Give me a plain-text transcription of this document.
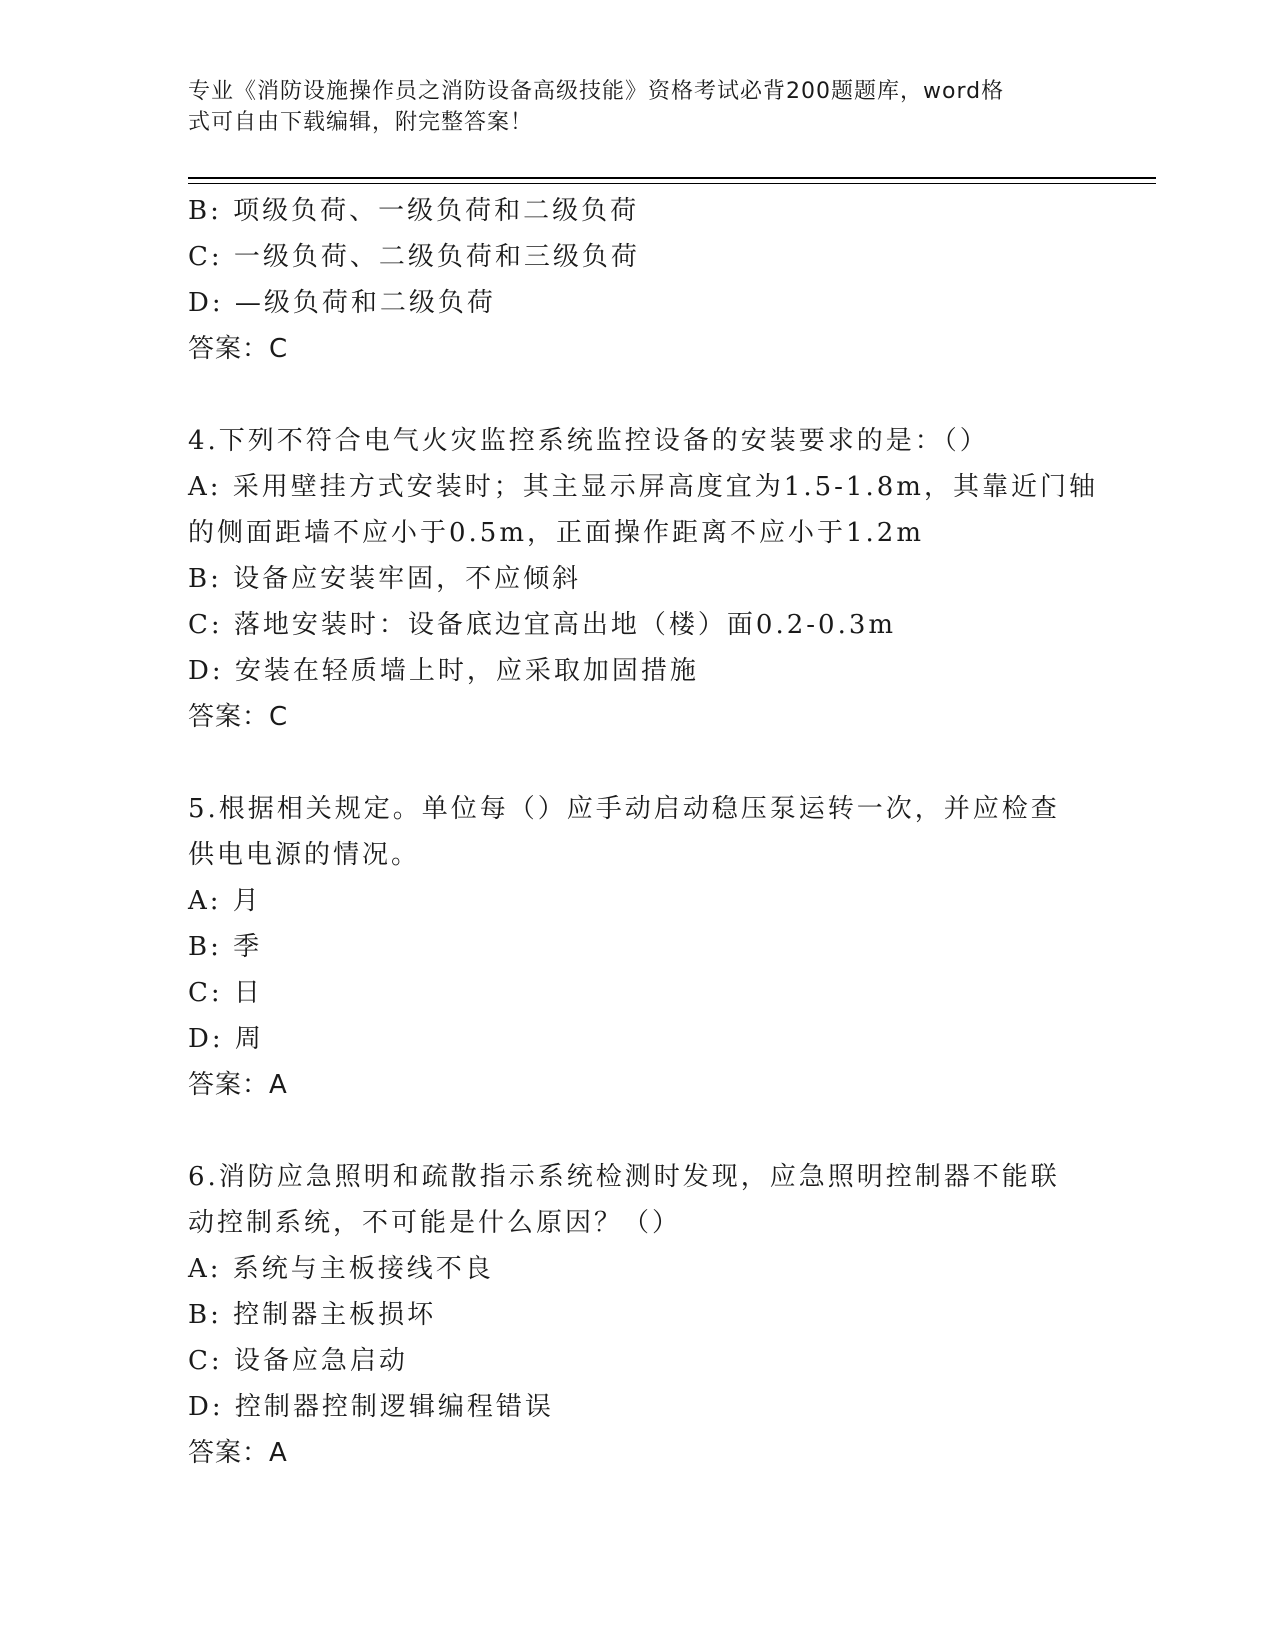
专业《消防设施操作员之消防设备高级技能》资格考试必背200题题库，word格
式可自由下载编辑，附完整答案！
B: 项级负荷、一级负荷和二级负荷
C: 一级负荷、二级负荷和三级负荷
D: —级负荷和二级负荷
答案：C
4.下列不符合电气火灾监控系统监控设备的安装要求的是：（）
A: 采用壁挂方式安装时；其主显示屏高度宜为1.5-1.8m，其靠近门轴
的侧面距墙不应小于0.5m，正面操作距离不应小于1.2m
B: 设备应安装牢固，不应倾斜
C: 落地安装时：设备底边宜高出地（楼）面0.2-0.3m
D: 安装在轻质墙上时，应采取加固措施
答案：C
5.根据相关规定。单位每（）应手动启动稳压泵运转一次，并应检查
供电电源的情况。
A: 月
B: 季
C: 日
D: 周
答案：A
6.消防应急照明和疏散指示系统检测时发现，应急照明控制器不能联
动控制系统，不可能是什么原因？（）
A: 系统与主板接线不良
B: 控制器主板损坏
C: 设备应急启动
D: 控制器控制逻辑编程错误
答案：A
